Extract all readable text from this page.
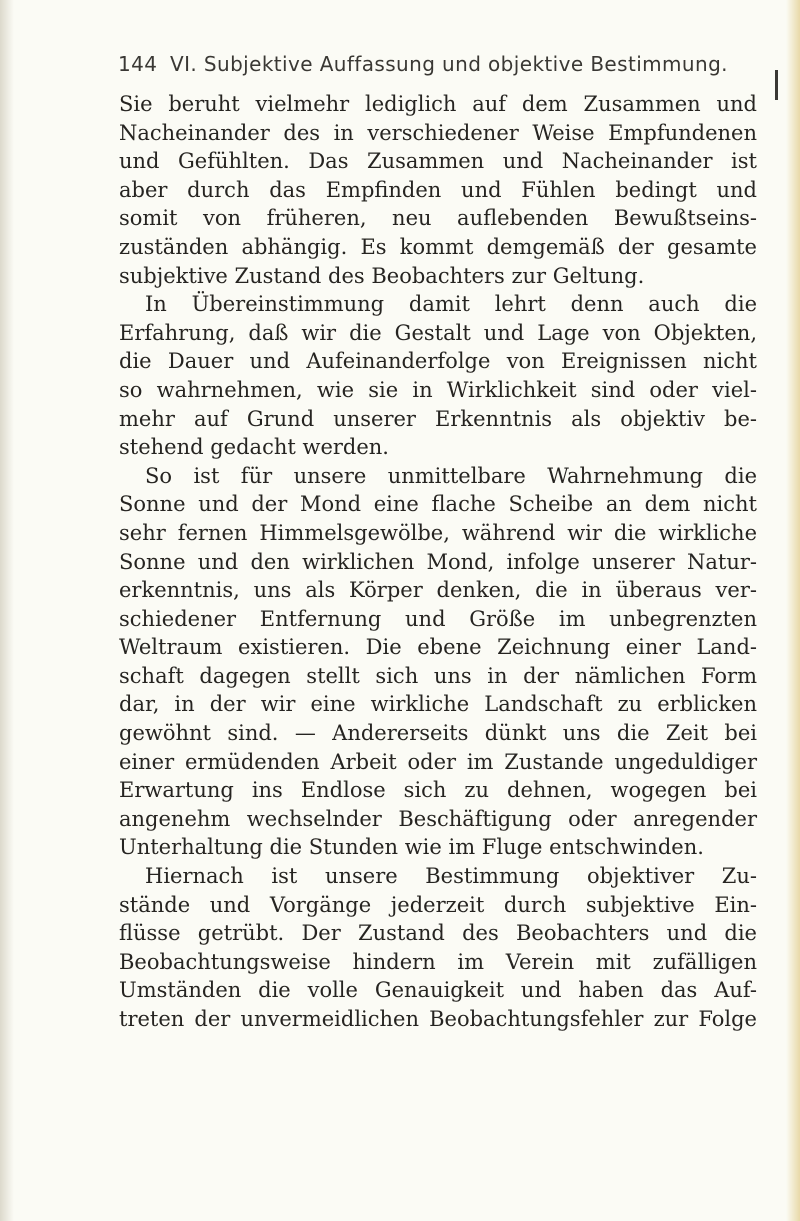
144 VI. Subjektive Auffassung und objektive Bestimmung.
Sie beruht vielmehr lediglich auf dem Zusammen und
Nacheinander des in verschiedener Weise Empfundenen
und Gefühlten. Das Zusammen und Nacheinander ist
aber durch das Empfinden und Fühlen bedingt und
somit von früheren, neu auflebenden Bewußtseins-
zuständen abhängig. Es kommt demgemäß der gesamte
subjektive Zustand des Beobachters zur Geltung.
In Übereinstimmung damit lehrt denn auch die
Erfahrung, daß wir die Gestalt und Lage von Objekten,
die Dauer und Aufeinanderfolge von Ereignissen nicht
so wahrnehmen, wie sie in Wirklichkeit sind oder viel-
mehr auf Grund unserer Erkenntnis als objektiv be-
stehend gedacht werden.
So ist für unsere unmittelbare Wahrnehmung die
Sonne und der Mond eine flache Scheibe an dem nicht
sehr fernen Himmelsgewölbe, während wir die wirkliche
Sonne und den wirklichen Mond, infolge unserer Natur-
erkenntnis, uns als Körper denken, die in überaus ver-
schiedener Entfernung und Größe im unbegrenzten
Weltraum existieren. Die ebene Zeichnung einer Land-
schaft dagegen stellt sich uns in der nämlichen Form
dar, in der wir eine wirkliche Landschaft zu erblicken
gewöhnt sind. — Andererseits dünkt uns die Zeit bei
einer ermüdenden Arbeit oder im Zustande ungeduldiger
Erwartung ins Endlose sich zu dehnen, wogegen bei
angenehm wechselnder Beschäftigung oder anregender
Unterhaltung die Stunden wie im Fluge entschwinden.
Hiernach ist unsere Bestimmung objektiver Zu-
stände und Vorgänge jederzeit durch subjektive Ein-
flüsse getrübt. Der Zustand des Beobachters und die
Beobachtungsweise hindern im Verein mit zufälligen
Umständen die volle Genauigkeit und haben das Auf-
treten der unvermeidlichen Beobachtungsfehler zur Folge
